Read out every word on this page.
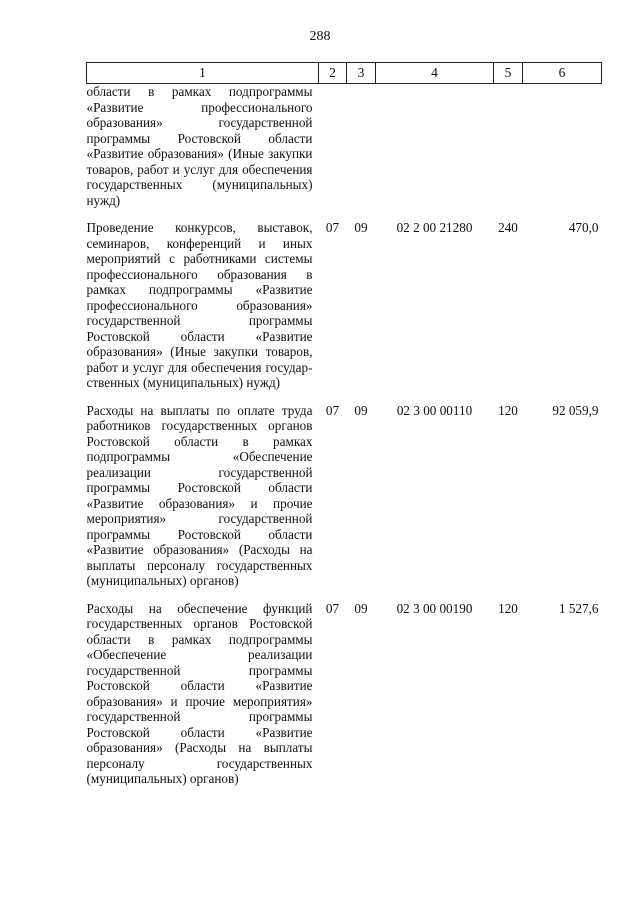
288
1	2	3	4	5	6
области в рамках подпрограммы «Развитие профессионального образования» государственной программы Ростовской области «Развитие образования» (Иные закупки товаров, работ и услуг для обеспечения государственных (муниципальных) нужд)					
Проведение конкурсов, выставок, семинаров, конференций и иных мероприятий с работниками системы профессионального образования в рамках подпрограммы «Развитие профессионального образования» государственной программы Ростовской области «Развитие образования» (Иные закупки товаров, работ и услуг для обеспечения государственных (муниципальных) нужд)	07	09	02 2 00 21280	240	470,0
Расходы на выплаты по оплате труда работников государственных органов Ростовской области в рамках подпрограммы «Обеспечение реализации государственной программы Ростовской области «Развитие образования» и прочие мероприятия» государственной программы Ростовской области «Развитие образования» (Расходы на выплаты персоналу государственных (муниципальных) органов)	07	09	02 3 00 00110	120	92 059,9
Расходы на обеспечение функций государственных органов Ростовской области в рамках подпрограммы «Обеспечение реализации государственной программы Ростовской области «Развитие образования» и прочие мероприятия» государственной программы Ростовской области «Развитие образования» (Расходы на выплаты персоналу государственных (муниципальных) органов)	07	09	02 3 00 00190	120	1 527,6
